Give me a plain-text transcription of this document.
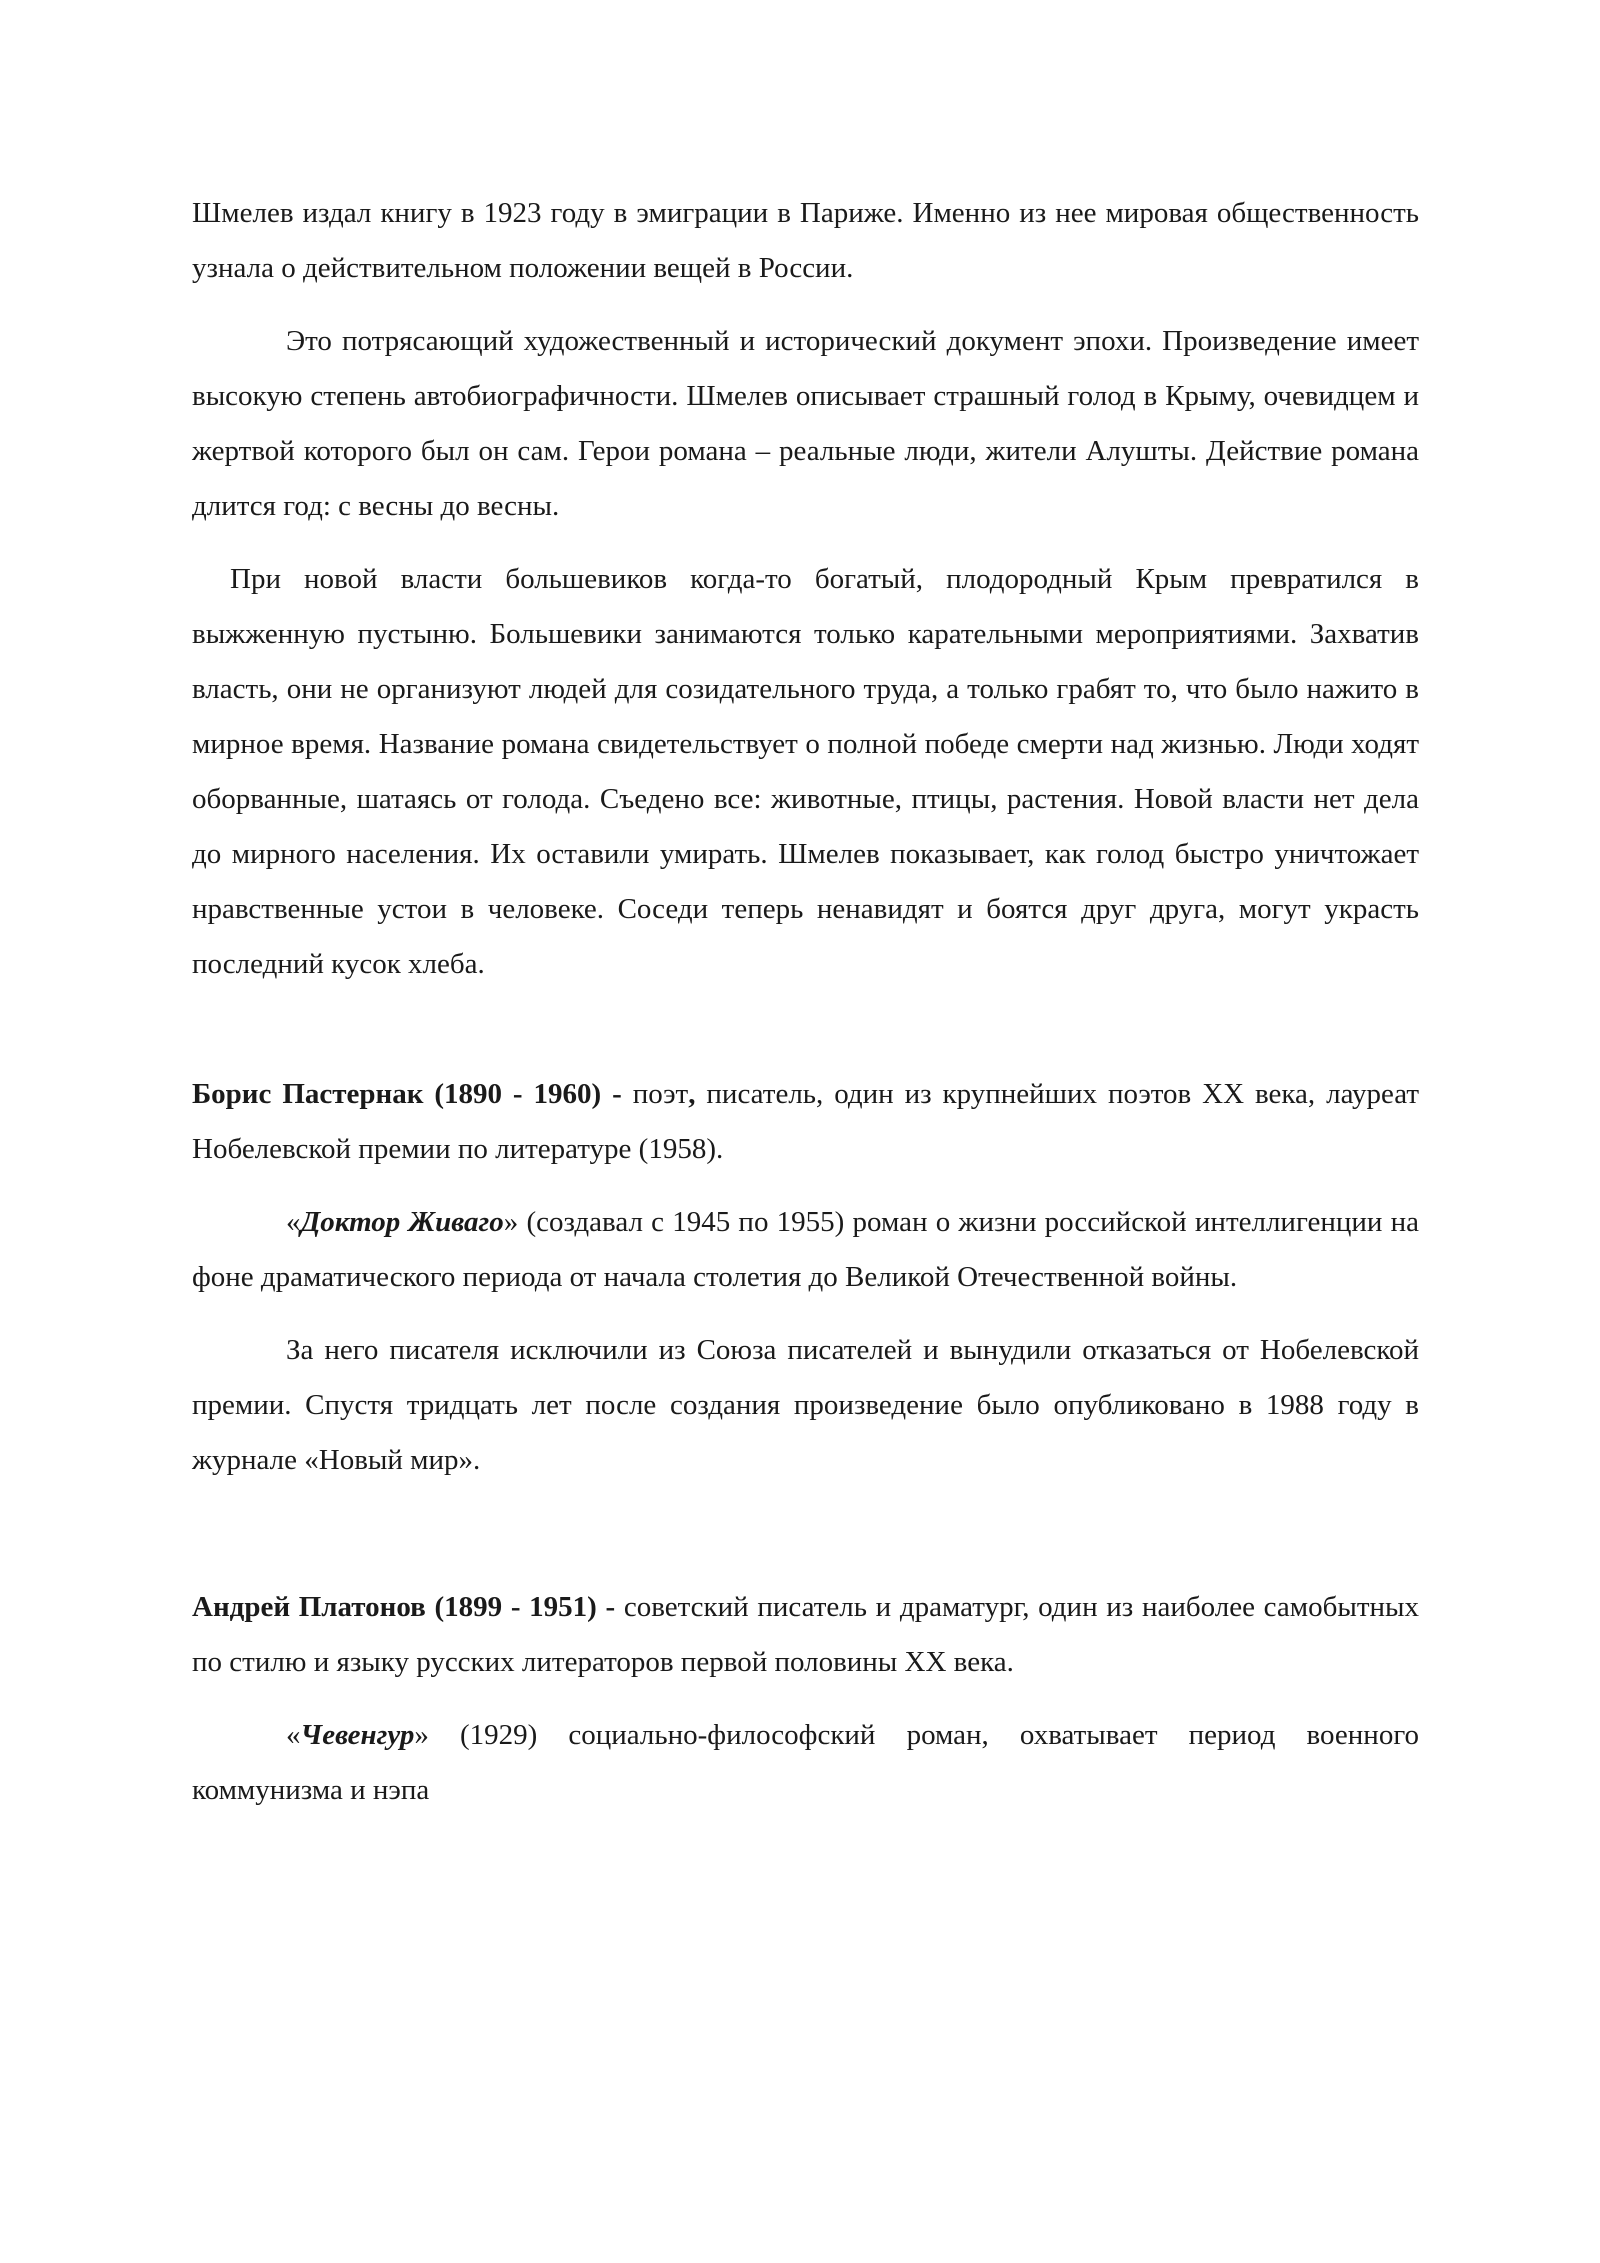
Шмелев издал книгу в 1923 году в эмиграции в Париже. Именно из нее мировая общественность узнала о действительном положении вещей в России.

Это потрясающий художественный и исторический документ эпохи. Произведение имеет высокую степень автобиографичности. Шмелев описывает страшный голод в Крыму, очевидцем и жертвой которого был он сам. Герои романа – реальные люди, жители Алушты. Действие романа длится год: с весны до весны.

При новой власти большевиков когда-то богатый, плодородный Крым превратился в выжженную пустыню. Большевики занимаются только карательными мероприятиями. Захватив власть, они не организуют людей для созидательного труда, а только грабят то, что было нажито в мирное время. Название романа свидетельствует о полной победе смерти над жизнью. Люди ходят оборванные, шатаясь от голода. Съедено все: животные, птицы, растения. Новой власти нет дела до мирного населения. Их оставили умирать. Шмелев показывает, как голод быстро уничтожает нравственные устои в человеке. Соседи теперь ненавидят и боятся друг друга, могут украсть последний кусок хлеба.

Борис Пастернак (1890 - 1960) - поэт, писатель, один из крупнейших поэтов XX века, лауреат Нобелевской премии по литературе (1958).

«Доктор Живаго» (создавал с 1945 по 1955) роман о жизни российской интеллигенции на фоне драматического периода от начала столетия до Великой Отечественной войны.

За него писателя исключили из Союза писателей и вынудили отказаться от Нобелевской премии. Спустя тридцать лет после создания произведение было опубликовано в 1988 году в журнале «Новый мир».

Андрей Платонов (1899 - 1951) - советский писатель и драматург, один из наиболее самобытных по стилю и языку русских литераторов первой половины XX века.

«Чевенгур» (1929) социально-философский роман, охватывает период военного коммунизма и нэпа
